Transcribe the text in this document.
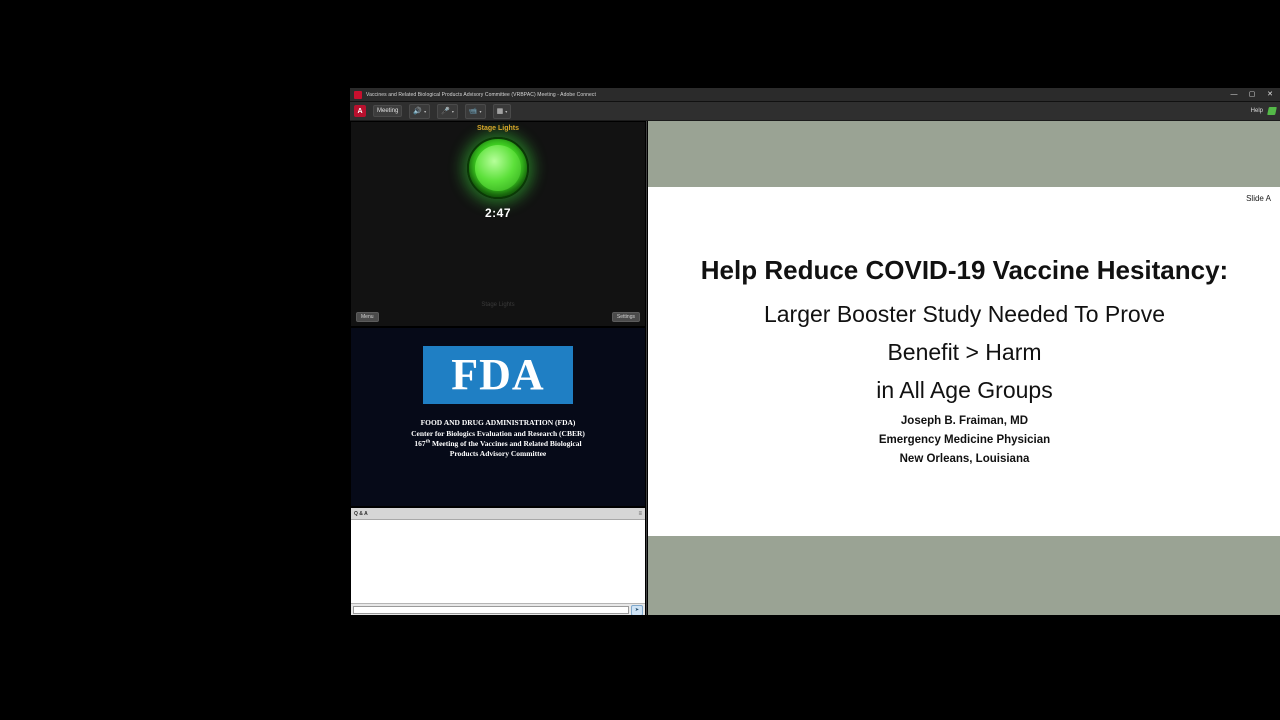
Vaccines and Related Biological Products Advisory Committee (VRBPAC) Meeting - Adobe Connect	— ▢ ✕
A	Meeting	🔊 ▾ 🎤 ▾ 📹 ▾ ▦ ▾	Help
Stage Lights
2:47
Stage Lights
Menu	Settings
FDA
FOOD AND DRUG ADMINISTRATION (FDA)
Center for Biologics Evaluation and Research (CBER)
167th Meeting of the Vaccines and Related Biological
Products Advisory Committee
Q & A	≡
➤
Slide A
Help Reduce COVID-19 Vaccine Hesitancy:
Larger Booster Study Needed To Prove
Benefit > Harm
in All Age Groups
Joseph B. Fraiman, MD
Emergency Medicine Physician
New Orleans, Louisiana
